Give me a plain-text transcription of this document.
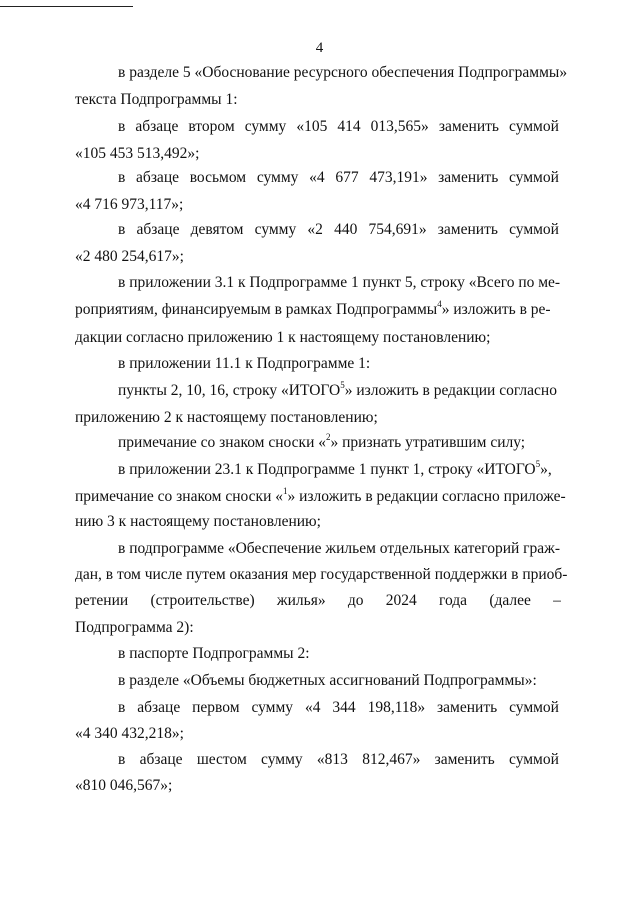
4
в разделе 5 «Обоснование ресурсного обеспечения Подпрограммы»
текста Подпрограммы 1:
в абзаце втором сумму «105 414 013,565» заменить суммой
«105 453 513,492»;
в абзаце восьмом сумму «4 677 473,191» заменить суммой
«4 716 973,117»;
в абзаце девятом сумму «2 440 754,691» заменить суммой
«2 480 254,617»;
в приложении 3.1 к Подпрограмме 1 пункт 5, строку «Всего по ме-
роприятиям, финансируемым в рамках Подпрограммы$^4$» изложить в ре-
дакции согласно приложению 1 к настоящему постановлению;
в приложении 11.1 к Подпрограмме 1:
пункты 2, 10, 16, строку «ИТОГО$^5$» изложить в редакции согласно
приложению 2 к настоящему постановлению;
примечание со знаком сноски «$^2$» признать утратившим силу;
в приложении 23.1 к Подпрограмме 1 пункт 1, строку «ИТОГО$^5$»,
примечание со знаком сноски «$^1$» изложить в редакции согласно приложе-
нию 3 к настоящему постановлению;
в подпрограмме «Обеспечение жильем отдельных категорий граж-
дан, в том числе путем оказания мер государственной поддержки в приоб-
ретении (строительстве) жилья» до 2024 года (далее –
Подпрограмма 2):
в паспорте Подпрограммы 2:
в разделе «Объемы бюджетных ассигнований Подпрограммы»:
в абзаце первом сумму «4 344 198,118» заменить суммой
«4 340 432,218»;
в абзаце шестом сумму «813 812,467» заменить суммой
«810 046,567»;
